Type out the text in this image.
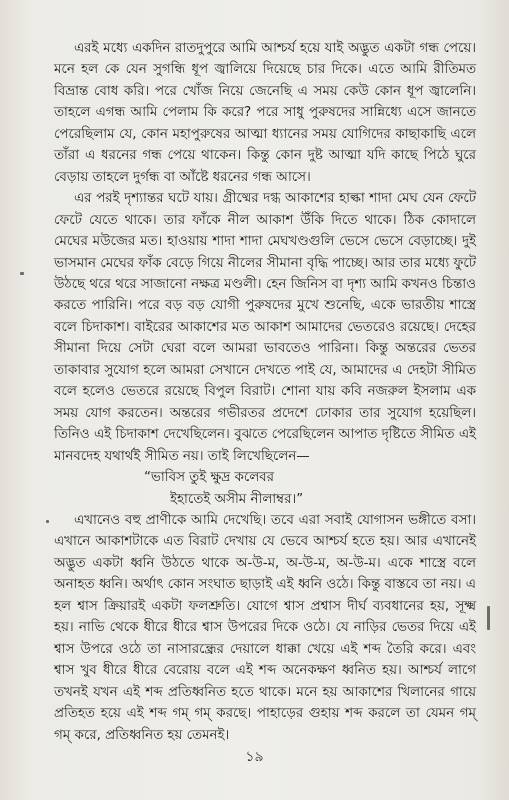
এরই মধ্যে একদিন রাতদুপুরে আমি আশ্চর্য হয়ে যাই অদ্ভুত একটা গন্ধ পেয়ে। মনে হল কে যেন সুগন্ধি ধূপ জ্বালিয়ে দিয়েছে চার দিকে। এতে আমি রীতিমত বিভ্রান্ত বোধ করি। পরে খোঁজ নিয়ে জেনেছি এ সময় কেউ কোন ধূপ জ্বালেনি। তাহলে এগন্ধ আমি পেলাম কি করে? পরে সাধু পুরুষদের সান্নিধ্যে এসে জানতে পেরেছিলাম যে, কোন মহাপুরুষের আত্মা ধ্যানের সময় যোগিদের কাছাকাছি এলে তাঁরা এ ধরনের গন্ধ পেয়ে থাকেন। কিন্তু কোন দুষ্ট আত্মা যদি কাছে পিঠে ঘুরে বেড়ায় তাহলে দুর্গন্ধ বা আঁষ্টে ধরনের গন্ধ আসে।

এর পরই দৃশ্যান্তর ঘটে যায়। গ্রীষ্মের দগ্ধ আকাশের হাল্কা শাদা মেঘ যেন ফেটে ফেটে যেতে থাকে। তার ফাঁকে নীল আকাশ উঁকি দিতে থাকে। ঠিক কোদালে মেঘের মউজের মত। হাওয়ায় শাদা শাদা মেঘখণ্ডগুলি ভেসে ভেসে বেড়াচ্ছে। দুই ভাসমান মেঘের ফাঁক বেড়ে গিয়ে নীলের সীমানা বৃদ্ধি পাচ্ছে। আর তার মধ্যে ফুটে উঠছে থরে থরে সাজানো নক্ষত্র মণ্ডলী। হেন জিনিস বা দৃশ্য আমি কখনও চিন্তাও করতে পারিনি। পরে বড় বড় যোগী পুরুষদের মুখে শুনেছি, একে ভারতীয় শাস্ত্রে বলে চিদাকাশ। বাইরের আকাশের মত আকাশ আমাদের ভেতরেও রয়েছে। দেহের সীমানা দিয়ে সেটা ঘেরা বলে আমরা ভাবতেও পারিনা। কিন্তু অন্তরের ভেতর তাকাবার সুযোগ হলে আমরা সেখানে দেখতে পাই যে, আমাদের এ দেহটা সীমিত বলে হলেও ভেতরে রয়েছে বিপুল বিরাট। শোনা যায় কবি নজরুল ইসলাম এক সময় যোগ করতেন। অন্তরের গভীরতর প্রদেশে ঢোকার তার সুযোগ হয়েছিল। তিনিও এই চিদাকাশ দেখেছিলেন। বুঝতে পেরেছিলেন আপাত দৃষ্টিতে সীমিত এই মানবদেহ যথার্থই সীমিত নয়। তাই লিখেছিলেন—

“ভাবিস তুই ক্ষুদ্র কলেবর
ইহাতেই অসীম নীলাম্বর।”

এখানেও বহু প্রাণীকে আমি দেখেছি। তবে এরা সবাই যোগাসন ভঙ্গীতে বসা। এখানে আকাশটাকে এত বিরাট দেখায় যে ভেবে আশ্চর্য হতে হয়। আর এখানেই অদ্ভুত একটা ধ্বনি উঠতে থাকে অ-উ-ম, অ-উ-ম, অ-উ-ম। একে শাস্ত্রে বলে অনাহত ধ্বনি। অর্থাৎ কোন সংঘাত ছাড়াই এই ধ্বনি ওঠে। কিন্তু বাস্তবে তা নয়। এ হল শ্বাস ক্রিয়ারই একটা ফলশ্রুতি। যোগে শ্বাস প্রশ্বাস দীর্ঘ ব্যবধানের হয়, সূক্ষ্ম হয়। নাভি থেকে ধীরে ধীরে শ্বাস উপরের দিকে ওঠে। যে নাড়ির ভেতর দিয়ে এই শ্বাস উপরে ওঠে তা নাসারন্ধ্রের দেয়ালে ধাক্কা খেয়ে এই শব্দ তৈরি করে। এবং শ্বাস খুব ধীরে ধীরে বেরোয় বলে এই শব্দ অনেকক্ষণ ধ্বনিত হয়। আশ্চর্য লাগে তখনই যখন এই শব্দ প্রতিধ্বনিত হতে থাকে। মনে হয় আকাশের খিলানের গায়ে প্রতিহত হয়ে এই শব্দ গম্ গম্ করছে। পাহাড়ের গুহায় শব্দ করলে তা যেমন গম্ গম্ করে, প্রতিধ্বনিত হয় তেমনই।

১৯
